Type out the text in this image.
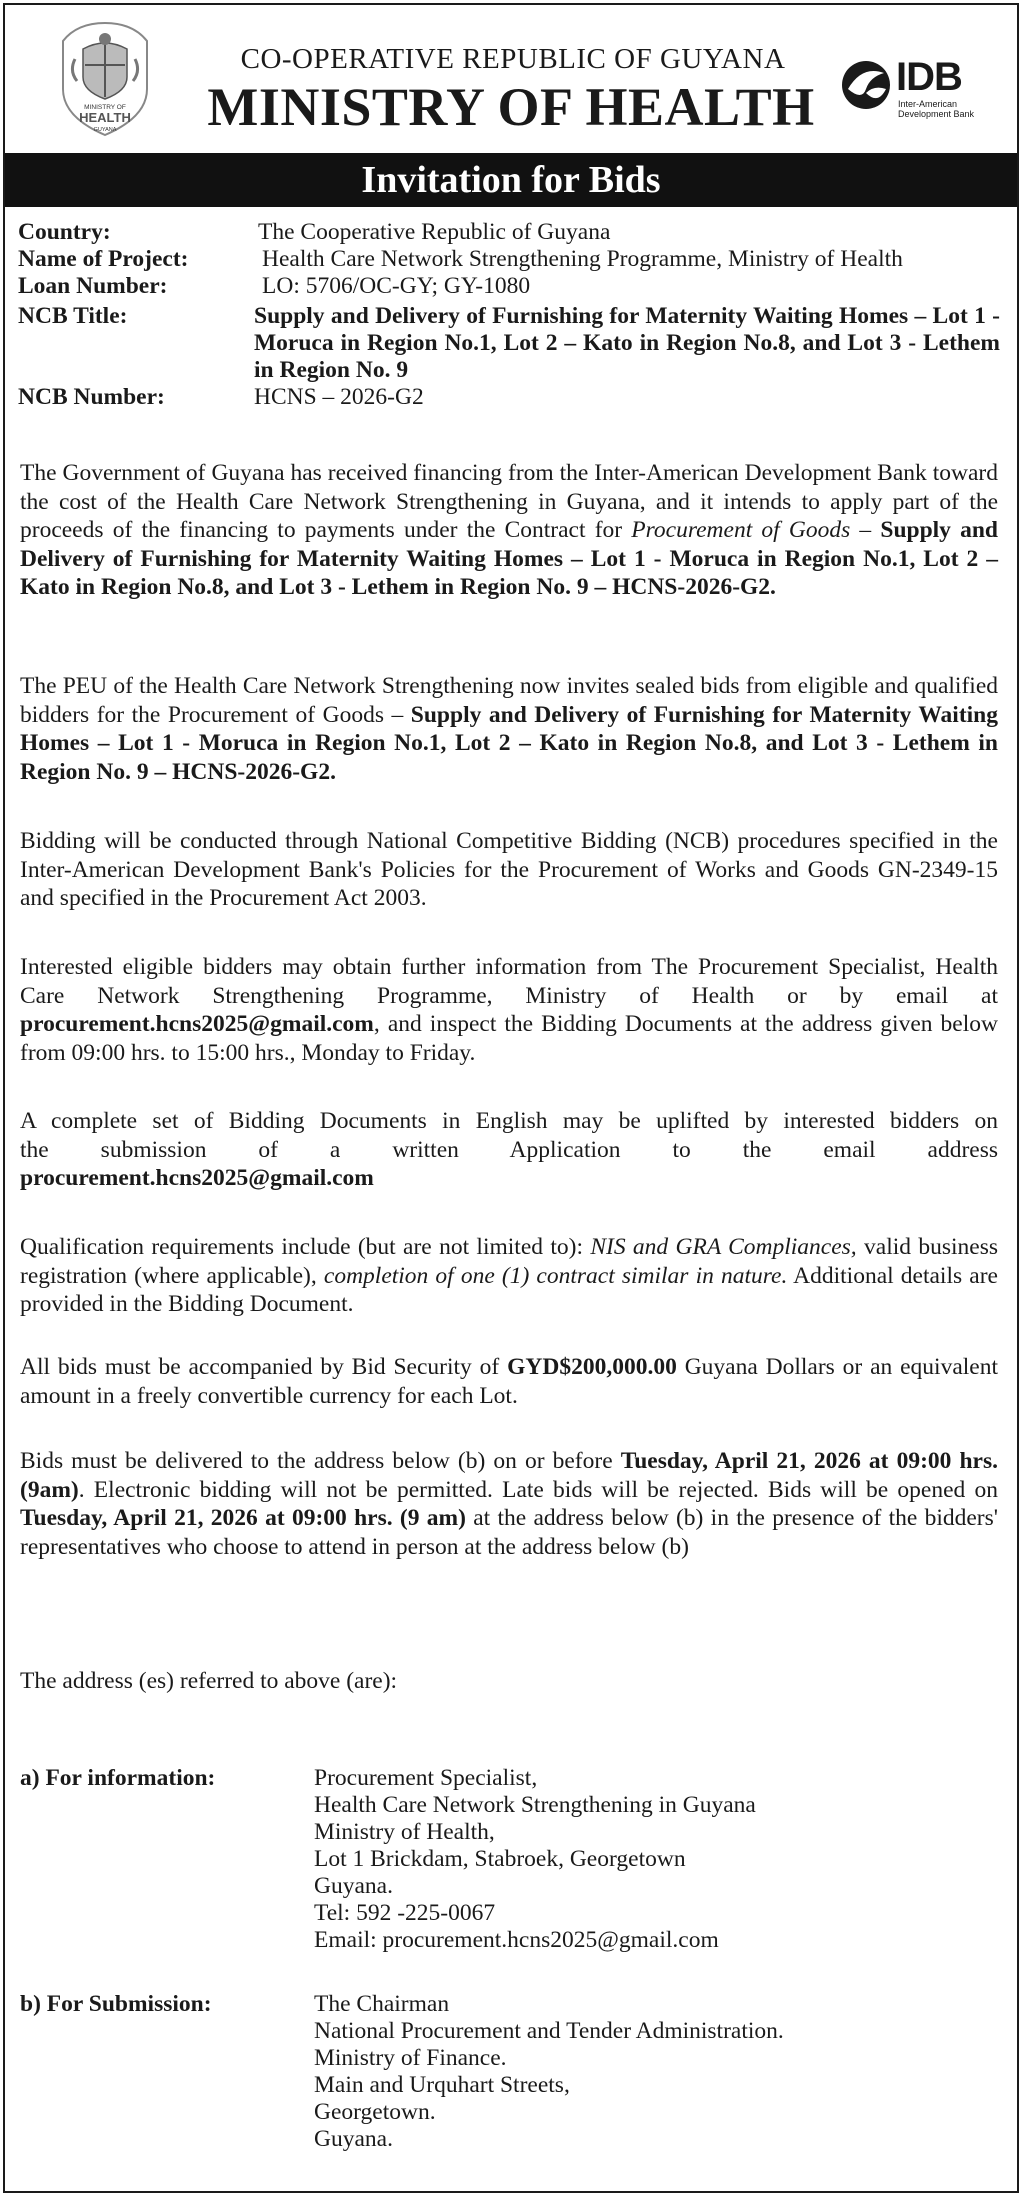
MINISTRY OF
HEALTH
GUYANA
CO-OPERATIVE REPUBLIC OF GUYANA
MINISTRY OF HEALTH	IDB
Inter-American Development Bank
Invitation for Bids
Country:	The Cooperative Republic of Guyana
Name of Project:	Health Care Network Strengthening Programme, Ministry of Health
Loan Number:	LO: 5706/OC-GY; GY-1080
NCB Title:	Supply and Delivery of Furnishing for Maternity Waiting Homes – Lot 1 - Moruca in Region No.1, Lot 2 – Kato in Region No.8, and Lot 3 - Lethem in Region No. 9
NCB Number:	HCNS – 2026-G2

The Government of Guyana has received financing from the Inter-American Development Bank toward the cost of the Health Care Network Strengthening in Guyana, and it intends to apply part of the proceeds of the financing to payments under the Contract for Procurement of Goods – Supply and Delivery of Furnishing for Maternity Waiting Homes – Lot 1 - Moruca in Region No.1, Lot 2 – Kato in Region No.8, and Lot 3 - Lethem in Region No. 9 – HCNS-2026-G2.

The PEU of the Health Care Network Strengthening now invites sealed bids from eligible and qualified bidders for the Procurement of Goods – Supply and Delivery of Furnishing for Maternity Waiting Homes – Lot 1 - Moruca in Region No.1, Lot 2 – Kato in Region No.8, and Lot 3 - Lethem in Region No. 9 – HCNS-2026-G2.

Bidding will be conducted through National Competitive Bidding (NCB) procedures specified in the Inter-American Development Bank's Policies for the Procurement of Works and Goods GN-2349-15 and specified in the Procurement Act 2003.

Interested eligible bidders may obtain further information from The Procurement Specialist, Health Care Network Strengthening Programme, Ministry of Health or by email at procurement.hcns2025@gmail.com, and inspect the Bidding Documents at the address given below from 09:00 hrs. to 15:00 hrs., Monday to Friday.

A complete set of Bidding Documents in English may be uplifted by interested bidders on
the submission of a written Application to the email address
procurement.hcns2025@gmail.com

Qualification requirements include (but are not limited to): NIS and GRA Compliances, valid business registration (where applicable), completion of one (1) contract similar in nature. Additional details are provided in the Bidding Document.

All bids must be accompanied by Bid Security of GYD$200,000.00 Guyana Dollars or an equivalent amount in a freely convertible currency for each Lot.

Bids must be delivered to the address below (b) on or before Tuesday, April 21, 2026 at 09:00 hrs. (9am). Electronic bidding will not be permitted. Late bids will be rejected. Bids will be opened on Tuesday, April 21, 2026 at 09:00 hrs. (9 am) at the address below (b) in the presence of the bidders' representatives who choose to attend in person at the address below (b)

The address (es) referred to above (are):
a) For information:	Procurement Specialist,
Health Care Network Strengthening in Guyana
Ministry of Health,
Lot 1 Brickdam, Stabroek, Georgetown
Guyana.
Tel: 592 -225-0067
Email: procurement.hcns2025@gmail.com
b) For Submission:	The Chairman
National Procurement and Tender Administration.
Ministry of Finance.
Main and Urquhart Streets,
Georgetown.
Guyana.
